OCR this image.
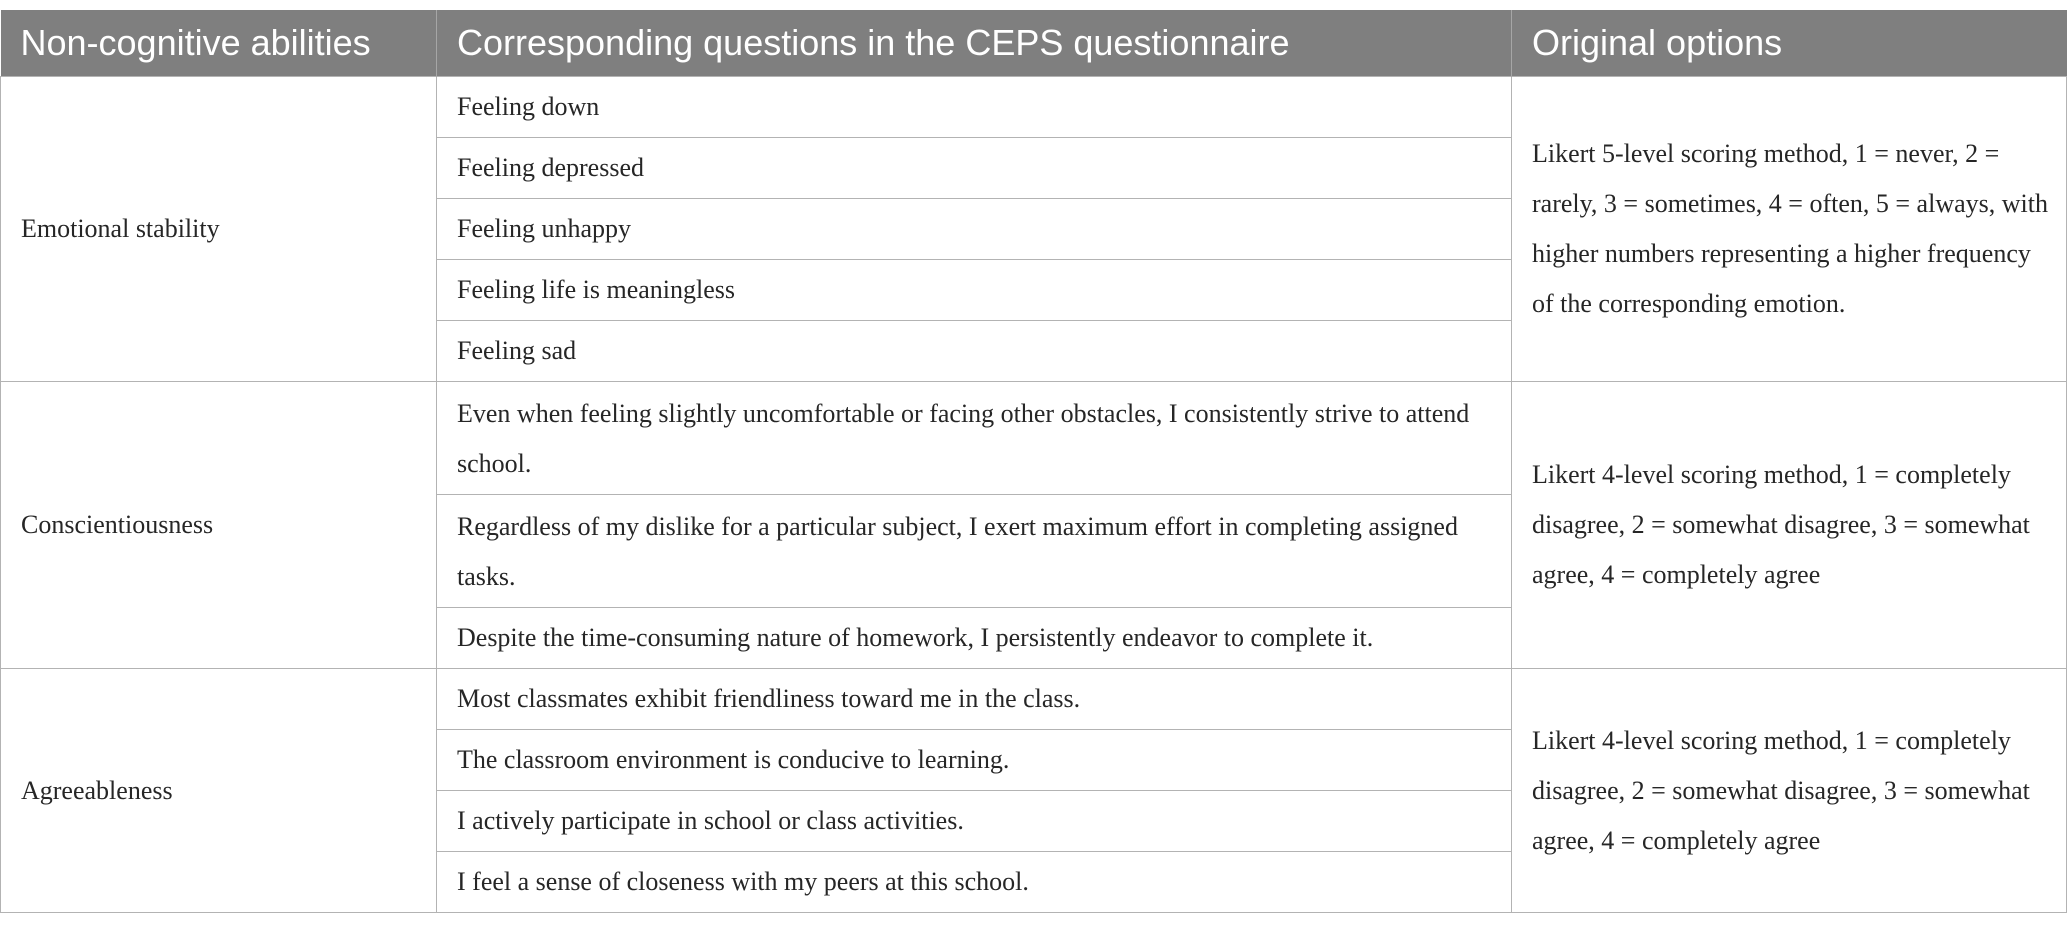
Non-cognitive abilities	Corresponding questions in the CEPS questionnaire	Original options
Emotional stability	Feeling down	Likert 5-level scoring method, 1 = never, 2 = rarely, 3 = sometimes, 4 = often, 5 = always, with higher numbers representing a higher frequency of the corresponding emotion.
	Feeling depressed	
	Feeling unhappy	
	Feeling life is meaningless	
	Feeling sad	
Conscientiousness	Even when feeling slightly uncomfortable or facing other obstacles, I consistently strive to attend school.	Likert 4-level scoring method, 1 = completely disagree, 2 = somewhat disagree, 3 = somewhat agree, 4 = completely agree
	Regardless of my dislike for a particular subject, I exert maximum effort in completing assigned tasks.	
	Despite the time-consuming nature of homework, I persistently endeavor to complete it.	
Agreeableness	Most classmates exhibit friendliness toward me in the class.	Likert 4-level scoring method, 1 = completely disagree, 2 = somewhat disagree, 3 = somewhat agree, 4 = completely agree
	The classroom environment is conducive to learning.	
	I actively participate in school or class activities.	
	I feel a sense of closeness with my peers at this school.	
